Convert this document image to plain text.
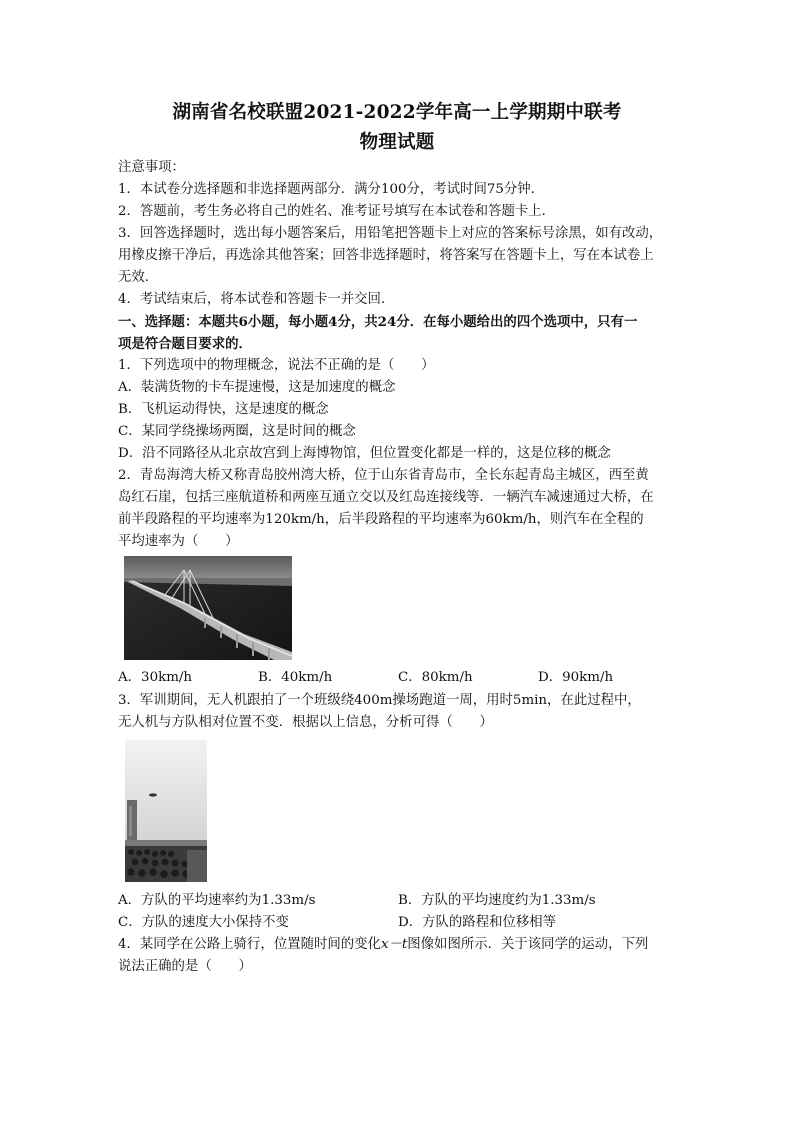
湖南省名校联盟2021-2022学年高一上学期期中联考
物理试题
注意事项：
1．本试卷分选择题和非选择题两部分．满分100分，考试时间75分钟．
2．答题前，考生务必将自己的姓名、准考证号填写在本试卷和答题卡上．
3．回答选择题时，选出每小题答案后，用铅笔把答题卡上对应的答案标号涂黑，如有改动，
用橡皮擦干净后，再选涂其他答案；回答非选择题时，将答案写在答题卡上，写在本试卷上
无效．
4．考试结束后，将本试卷和答题卡一并交回．
一、选择题：本题共6小题，每小题4分，共24分．在每小题给出的四个选项中，只有一
项是符合题目要求的．
1．下列选项中的物理概念，说法不正确的是（　　）
A．装满货物的卡车提速慢，这是加速度的概念
B．飞机运动得快，这是速度的概念
C．某同学绕操场两圈，这是时间的概念
D．沿不同路径从北京故宫到上海博物馆，但位置变化都是一样的，这是位移的概念
2．青岛海湾大桥又称青岛胶州湾大桥，位于山东省青岛市，全长东起青岛主城区，西至黄
岛红石崖，包括三座航道桥和两座互通立交以及红岛连接线等．一辆汽车减速通过大桥，在
前半段路程的平均速率为120km/h，后半段路程的平均速率为60km/h，则汽车在全程的
平均速率为（　　）
A．30km/h	B．40km/h	C．80km/h	D．90km/h
3．军训期间，无人机跟拍了一个班级绕400m操场跑道一周，用时5min，在此过程中，
无人机与方队相对位置不变．根据以上信息，分析可得（　　）
A．方队的平均速率约为1.33m/s	B．方队的平均速度约为1.33m/s
C．方队的速度大小保持不变	D．方队的路程和位移相等
4．某同学在公路上骑行，位置随时间的变化x－t图像如图所示．关于该同学的运动，下列
说法正确的是（　　）
